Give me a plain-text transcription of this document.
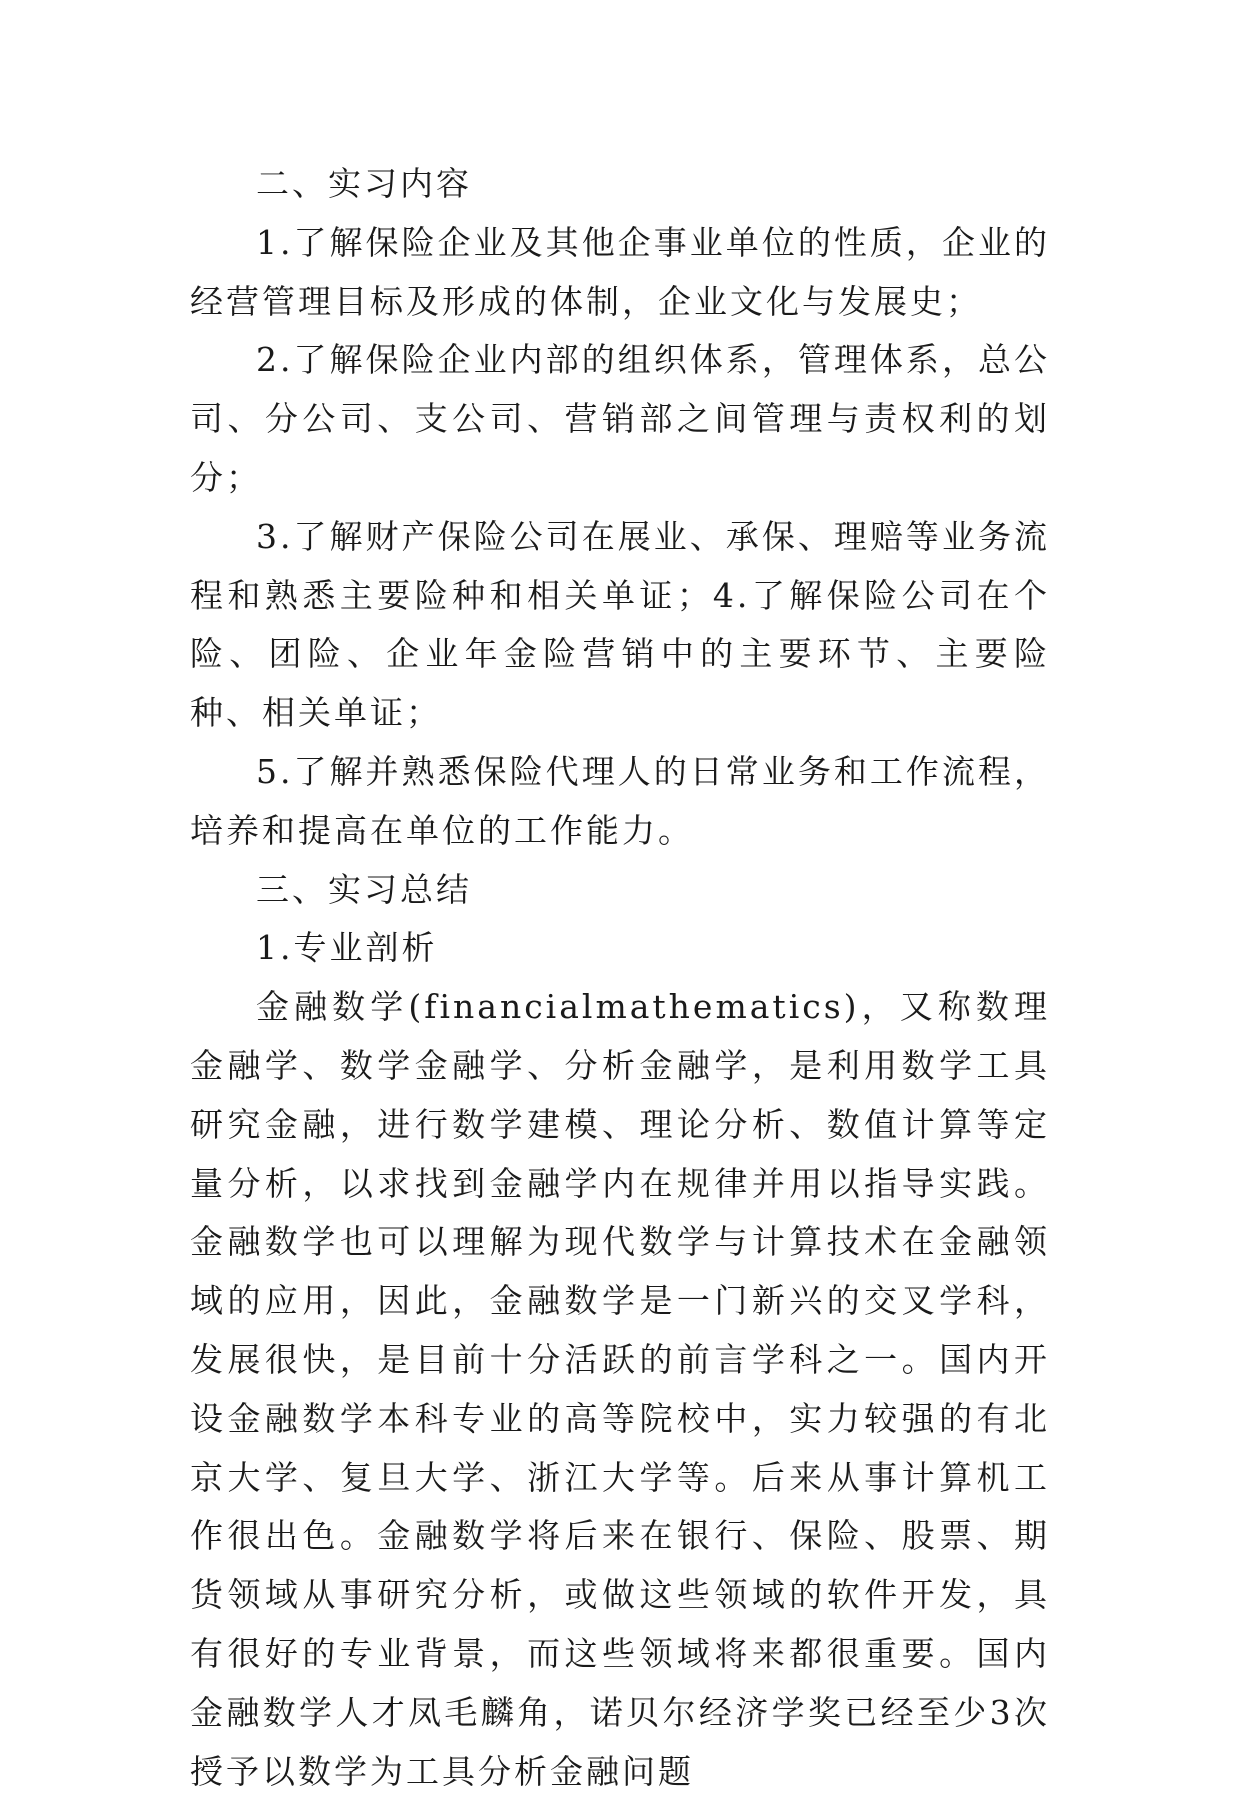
二、实习内容

1.了解保险企业及其他企事业单位的性质，企业的经营管理目标及形成的体制，企业文化与发展史；

2.了解保险企业内部的组织体系，管理体系，总公司、分公司、支公司、营销部之间管理与责权利的划分；

3.了解财产保险公司在展业、承保、理赔等业务流程和熟悉主要险种和相关单证；4.了解保险公司在个险、团险、企业年金险营销中的主要环节、主要险种、相关单证；

5.了解并熟悉保险代理人的日常业务和工作流程，培养和提高在单位的工作能力。

三、实习总结

1.专业剖析

金融数学(financialmathematics)，又称数理金融学、数学金融学、分析金融学，是利用数学工具研究金融，进行数学建模、理论分析、数值计算等定量分析，以求找到金融学内在规律并用以指导实践。金融数学也可以理解为现代数学与计算技术在金融领域的应用，因此，金融数学是一门新兴的交叉学科，发展很快，是目前十分活跃的前言学科之一。国内开设金融数学本科专业的高等院校中，实力较强的有北京大学、复旦大学、浙江大学等。后来从事计算机工作很出色。金融数学将后来在银行、保险、股票、期货领域从事研究分析，或做这些领域的软件开发，具有很好的专业背景，而这些领域将来都很重要。国内金融数学人才凤毛麟角，诺贝尔经济学奖已经至少3次授予以数学为工具分析金融问题
